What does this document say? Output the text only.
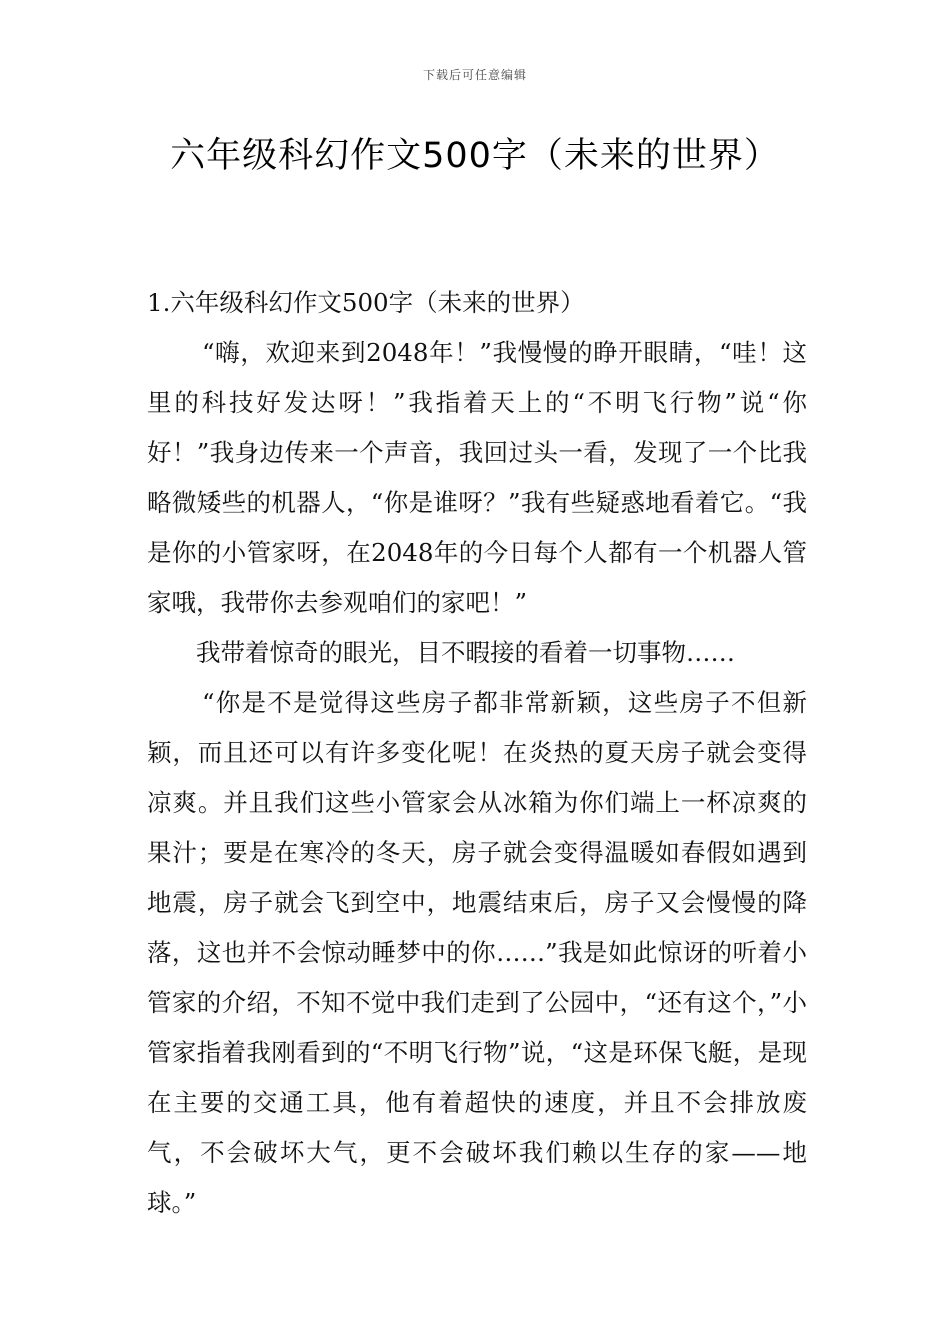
下载后可任意编辑
六年级科幻作文500字（未来的世界）

1.六年级科幻作文500字（未来的世界）

“嗨，欢迎来到2048年！”我慢慢的睁开眼睛，“哇！这里的科技好发达呀！”我指着天上的“不明飞行物”说“你好！”我身边传来一个声音，我回过头一看，发现了一个比我略微矮些的机器人，“你是谁呀？”我有些疑惑地看着它。“我是你的小管家呀，在2048年的今日每个人都有一个机器人管家哦，我带你去参观咱们的家吧！”

我带着惊奇的眼光，目不暇接的看着一切事物……

“你是不是觉得这些房子都非常新颖，这些房子不但新颖，而且还可以有许多变化呢！在炎热的夏天房子就会变得凉爽。并且我们这些小管家会从冰箱为你们端上一杯凉爽的果汁；要是在寒冷的冬天，房子就会变得温暖如春假如遇到地震，房子就会飞到空中，地震结束后，房子又会慢慢的降落，这也并不会惊动睡梦中的你……”我是如此惊讶的听着小管家的介绍，不知不觉中我们走到了公园中，“还有这个，”小管家指着我刚看到的“不明飞行物”说，“这是环保飞艇，是现在主要的交通工具，他有着超快的速度，并且不会排放废气，不会破坏大气，更不会破坏我们赖以生存的家——地球。”
